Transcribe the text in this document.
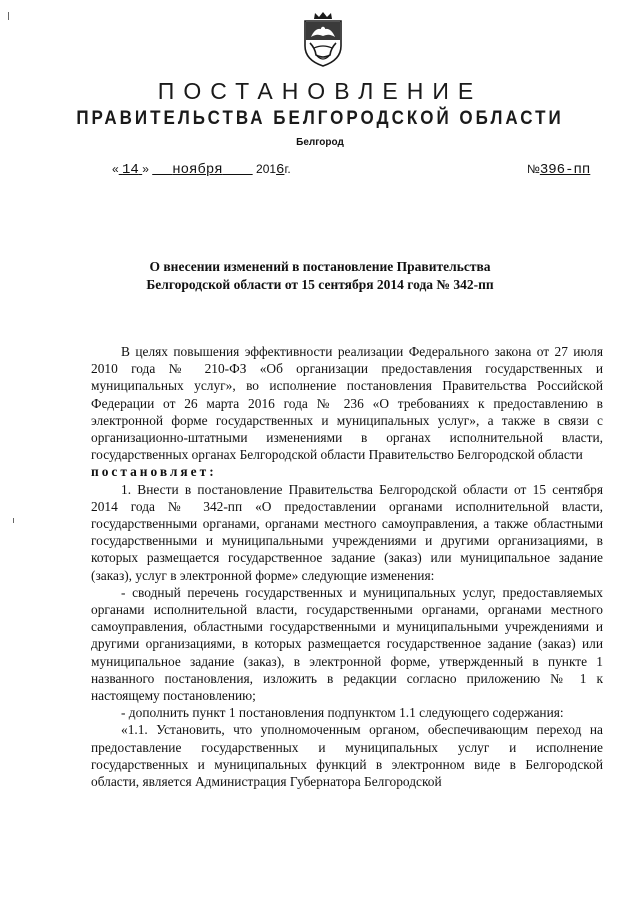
ПОСТАНОВЛЕНИЕ
ПРАВИТЕЛЬСТВА БЕЛГОРОДСКОЙ ОБЛАСТИ
Белгород
« 14 » ноября	2016г.	№396-пп
О внесении изменений в постановление Правительства
Белгородской области от 15 сентября 2014 года № 342-пп

В целях повышения эффективности реализации Федерального закона от 27 июля 2010 года № 210-ФЗ «Об организации предоставления государственных и муниципальных услуг», во исполнение постановления Правительства Российской Федерации от 26 марта 2016 года № 236 «О требованиях к предоставлению в электронной форме государственных и муниципальных услуг», а также в связи с организационно-штатными изменениями в органах исполнительной власти, государственных органах Белгородской области Правительство Белгородской области

постановляет:

1. Внести в постановление Правительства Белгородской области от 15 сентября 2014 года № 342-пп «О предоставлении органами исполнительной власти, государственными органами, органами местного самоуправления, а также областными государственными и муниципальными учреждениями и другими организациями, в которых размещается государственное задание (заказ) или муниципальное задание (заказ), услуг в электронной форме» следующие изменения:

- сводный перечень государственных и муниципальных услуг, предоставляемых органами исполнительной власти, государственными органами, органами местного самоуправления, областными государственными и муниципальными учреждениями и другими организациями, в которых размещается государственное задание (заказ) или муниципальное задание (заказ), в электронной форме, утвержденный в пункте 1 названного постановления, изложить в редакции согласно приложению № 1 к настоящему постановлению;

- дополнить пункт 1 постановления подпунктом 1.1 следующего содержания:

«1.1. Установить, что уполномоченным органом, обеспечивающим переход на предоставление государственных и муниципальных услуг и исполнение государственных и муниципальных функций в электронном виде в Белгородской области, является Администрация Губернатора Белгородской
